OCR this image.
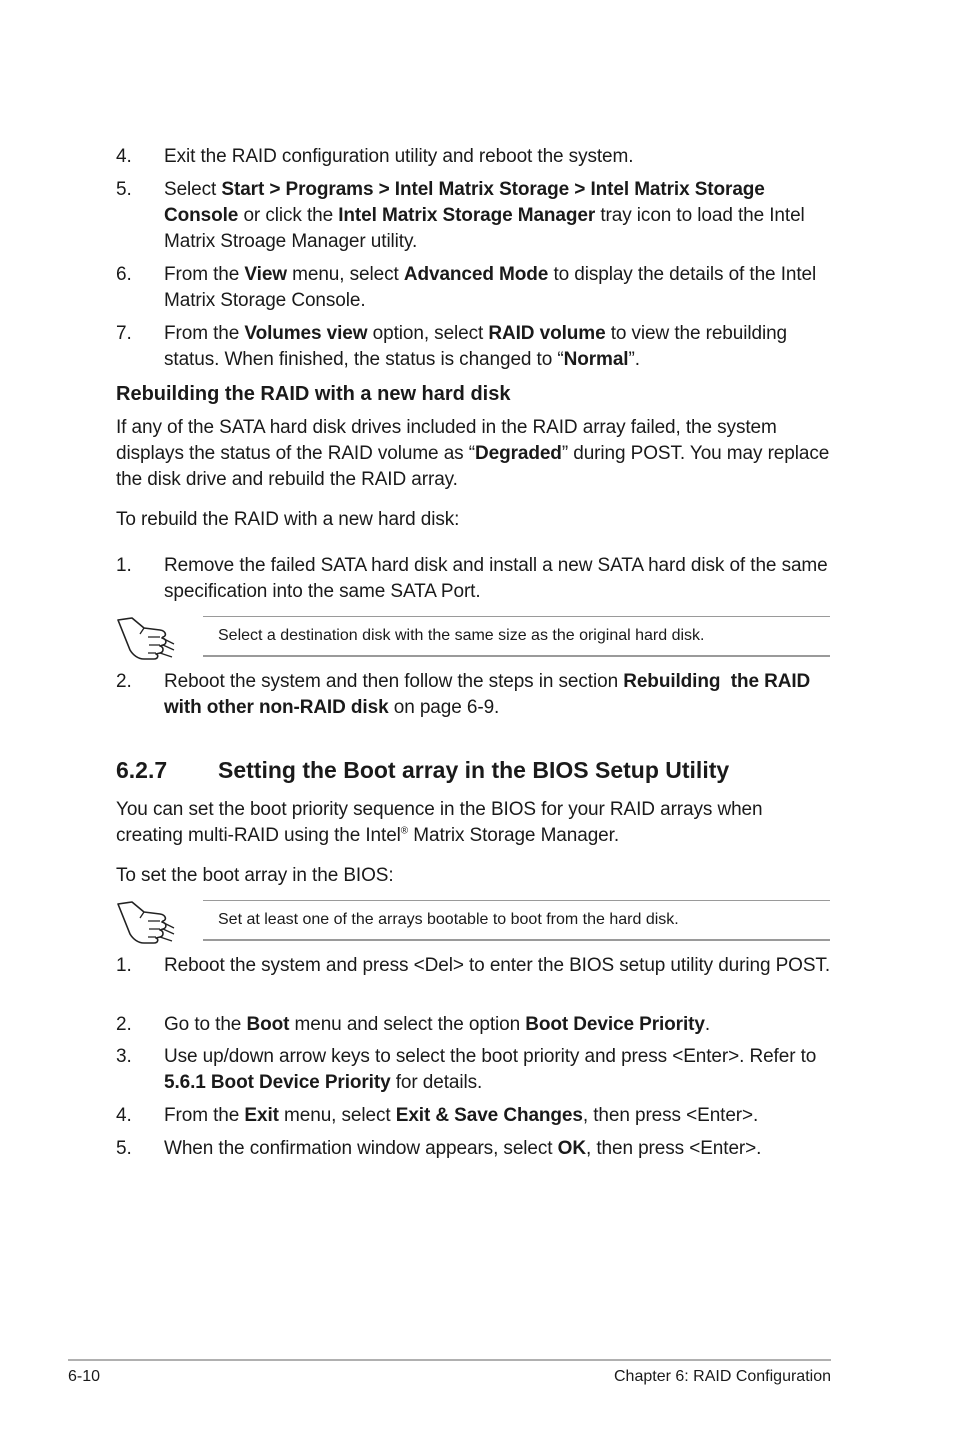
4.	Exit the RAID configuration utility and reboot the system.
5.	Select Start > Programs > Intel Matrix Storage > Intel Matrix Storage Console or click the Intel Matrix Storage Manager tray icon to load the Intel Matrix Stroage Manager utility.
6.	From the View menu, select Advanced Mode to display the details of the Intel Matrix Storage Console.
7.	From the Volumes view option, select RAID volume to view the rebuilding status. When finished, the status is changed to “Normal”.
Rebuilding the RAID with a new hard disk
If any of the SATA hard disk drives included in the RAID array failed, the system displays the status of the RAID volume as “Degraded” during POST. You may replace the disk drive and rebuild the RAID array.
To rebuild the RAID with a new hard disk:
1.	Remove the failed SATA hard disk and install a new SATA hard disk of the same specification into the same SATA Port.
Select a destination disk with the same size as the original hard disk.
2.	Reboot the system and then follow the steps in section Rebuilding  the RAID with other non-RAID disk on page 6-9.
6.2.7 Setting the Boot array in the BIOS Setup Utility
You can set the boot priority sequence in the BIOS for your RAID arrays when creating multi-RAID using the Intel® Matrix Storage Manager.
To set the boot array in the BIOS:
Set at least one of the arrays bootable to boot from the hard disk.
1.	Reboot the system and press <Del> to enter the BIOS setup utility during POST.
2.	Go to the Boot menu and select the option Boot Device Priority.
3.	Use up/down arrow keys to select the boot priority and press <Enter>. Refer to 5.6.1 Boot Device Priority for details.
4.	From the Exit menu, select Exit & Save Changes, then press <Enter>.
5.	When the confirmation window appears, select OK, then press <Enter>.
6-10	Chapter 6: RAID Configuration
